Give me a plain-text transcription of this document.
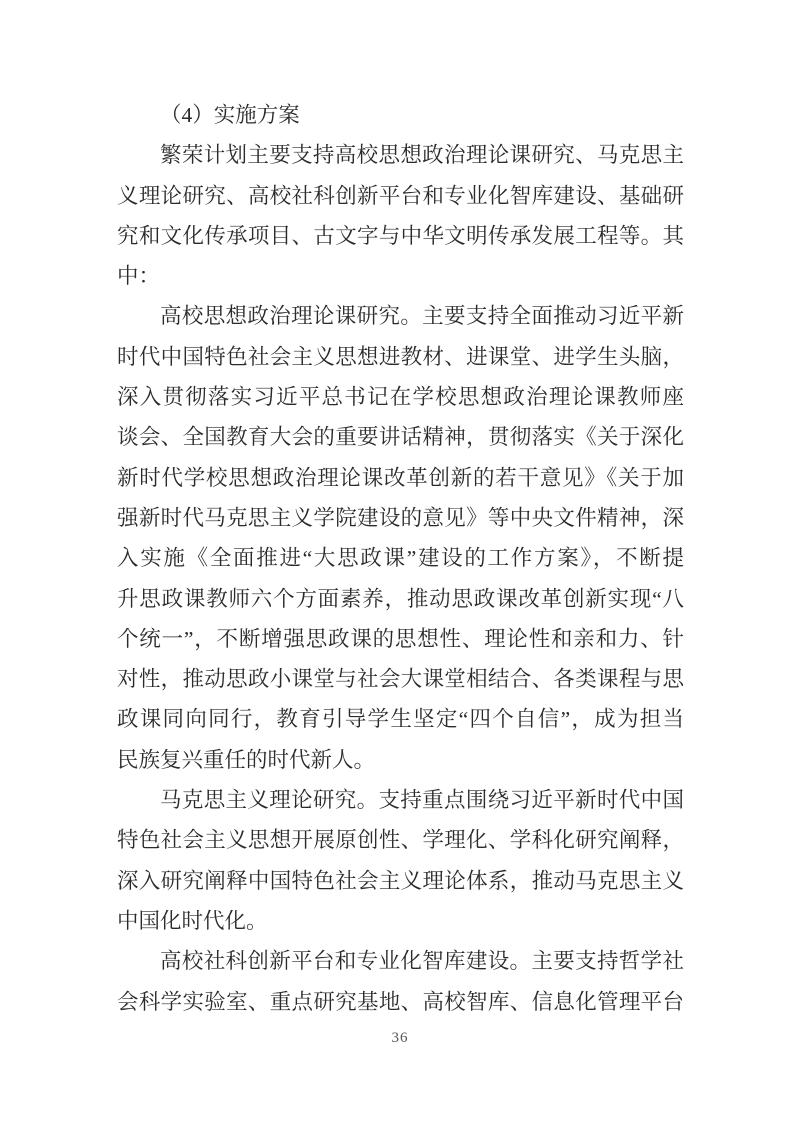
（4）实施方案
繁荣计划主要支持高校思想政治理论课研究、马克思主
义理论研究、高校社科创新平台和专业化智库建设、基础研
究和文化传承项目、古文字与中华文明传承发展工程等。其
中：
高校思想政治理论课研究。主要支持全面推动习近平新
时代中国特色社会主义思想进教材、进课堂、进学生头脑，
深入贯彻落实习近平总书记在学校思想政治理论课教师座
谈会、全国教育大会的重要讲话精神，贯彻落实《关于深化
新时代学校思想政治理论课改革创新的若干意见》《关于加
强新时代马克思主义学院建设的意见》等中央文件精神，深
入实施《全面推进“大思政课”建设的工作方案》，不断提
升思政课教师六个方面素养，推动思政课改革创新实现“八
个统一”，不断增强思政课的思想性、理论性和亲和力、针
对性，推动思政小课堂与社会大课堂相结合、各类课程与思
政课同向同行，教育引导学生坚定“四个自信”，成为担当
民族复兴重任的时代新人。
马克思主义理论研究。支持重点围绕习近平新时代中国
特色社会主义思想开展原创性、学理化、学科化研究阐释，
深入研究阐释中国特色社会主义理论体系，推动马克思主义
中国化时代化。
高校社科创新平台和专业化智库建设。主要支持哲学社
会科学实验室、重点研究基地、高校智库、信息化管理平台
36
